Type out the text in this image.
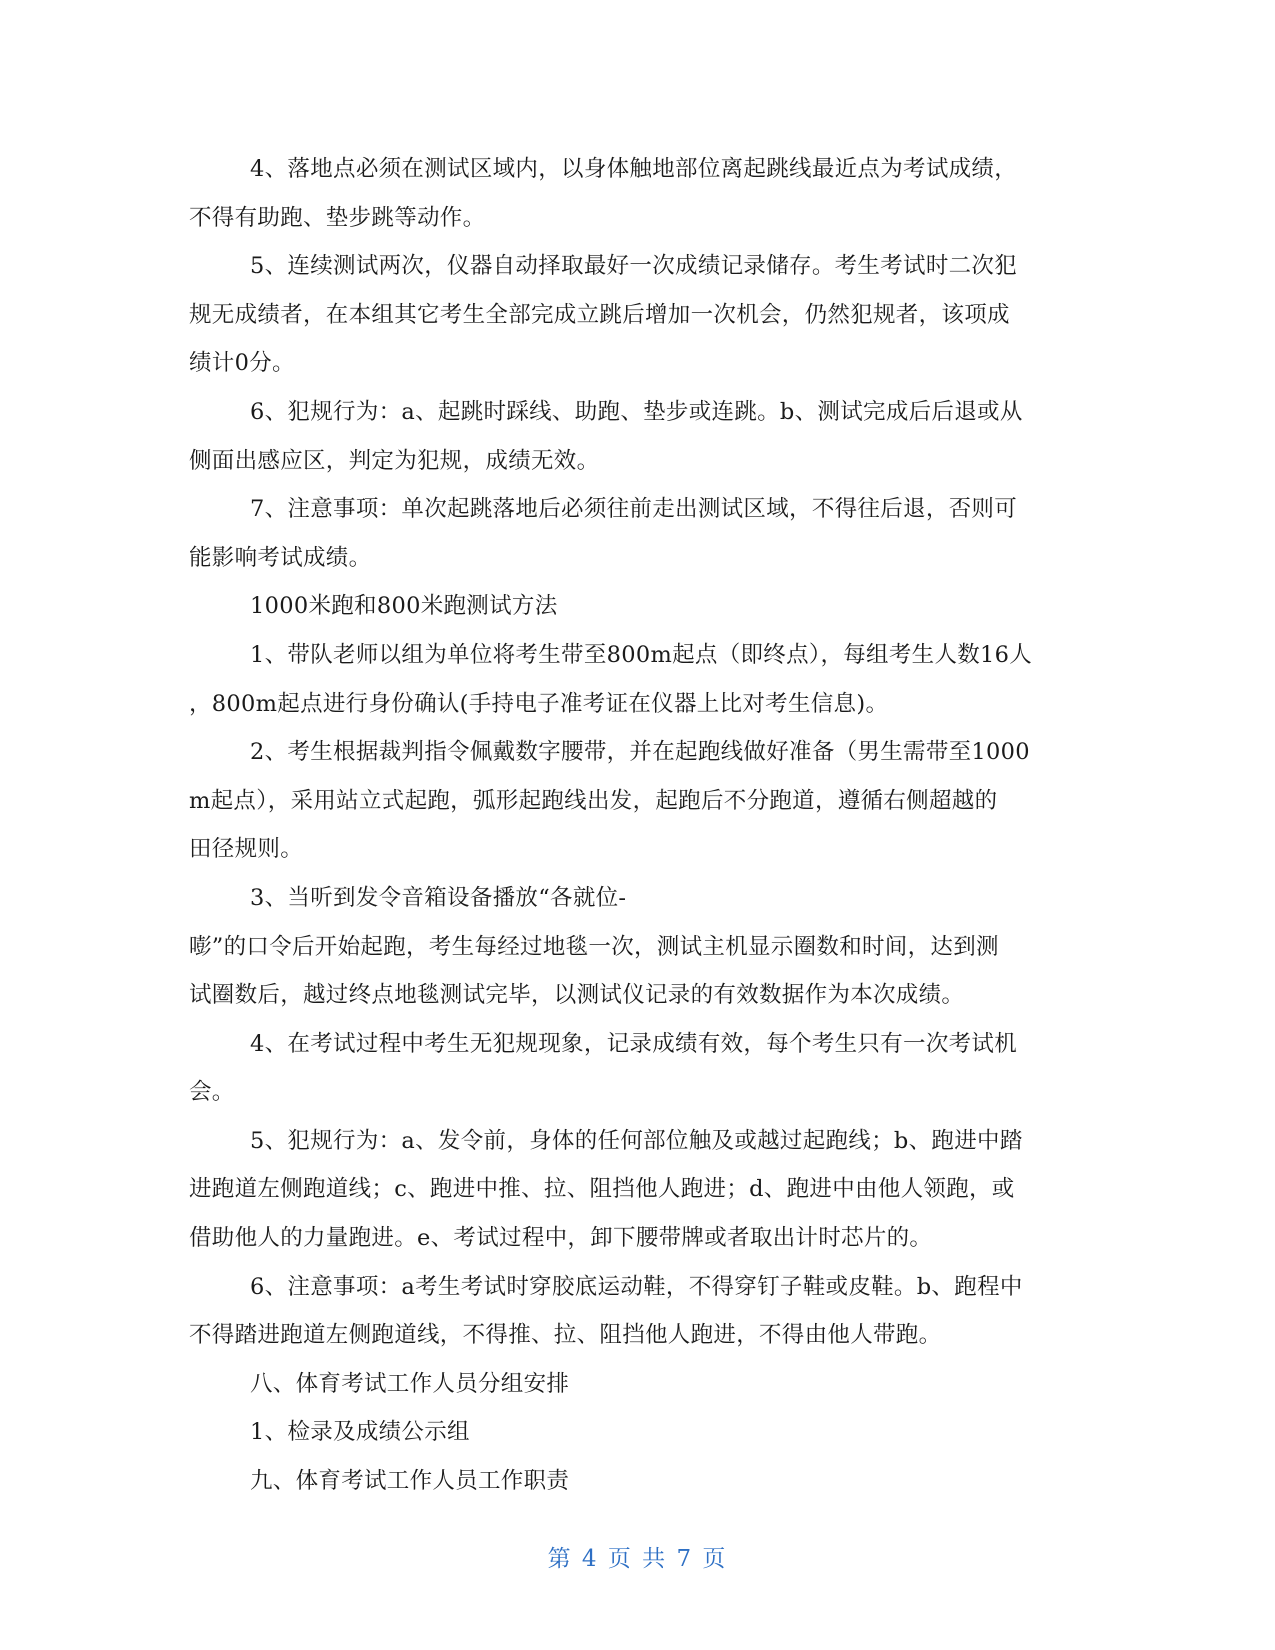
4、落地点必须在测试区域内，以身体触地部位离起跳线最近点为考试成绩，
不得有助跑、垫步跳等动作。
5、连续测试两次，仪器自动择取最好一次成绩记录储存。考生考试时二次犯
规无成绩者，在本组其它考生全部完成立跳后增加一次机会，仍然犯规者，该项成
绩计0分。
6、犯规行为：a、起跳时踩线、助跑、垫步或连跳。b、测试完成后后退或从
侧面出感应区，判定为犯规，成绩无效。
7、注意事项：单次起跳落地后必须往前走出测试区域，不得往后退，否则可
能影响考试成绩。
1000米跑和800米跑测试方法
1、带队老师以组为单位将考生带至800m起点（即终点），每组考生人数16人
，800m起点进行身份确认(手持电子准考证在仪器上比对考生信息)。
2、考生根据裁判指令佩戴数字腰带，并在起跑线做好准备（男生需带至1000
m起点），采用站立式起跑，弧形起跑线出发，起跑后不分跑道，遵循右侧超越的
田径规则。
3、当听到发令音箱设备播放“各就位-
嘭”的口令后开始起跑，考生每经过地毯一次，测试主机显示圈数和时间，达到测
试圈数后，越过终点地毯测试完毕，以测试仪记录的有效数据作为本次成绩。
4、在考试过程中考生无犯规现象，记录成绩有效，每个考生只有一次考试机
会。
5、犯规行为：a、发令前，身体的任何部位触及或越过起跑线；b、跑进中踏
进跑道左侧跑道线；c、跑进中推、拉、阻挡他人跑进；d、跑进中由他人领跑，或
借助他人的力量跑进。e、考试过程中，卸下腰带牌或者取出计时芯片的。
6、注意事项：a考生考试时穿胶底运动鞋，不得穿钉子鞋或皮鞋。b、跑程中
不得踏进跑道左侧跑道线，不得推、拉、阻挡他人跑进，不得由他人带跑。
八、体育考试工作人员分组安排
1、检录及成绩公示组
九、体育考试工作人员工作职责
第 4 页 共 7 页
